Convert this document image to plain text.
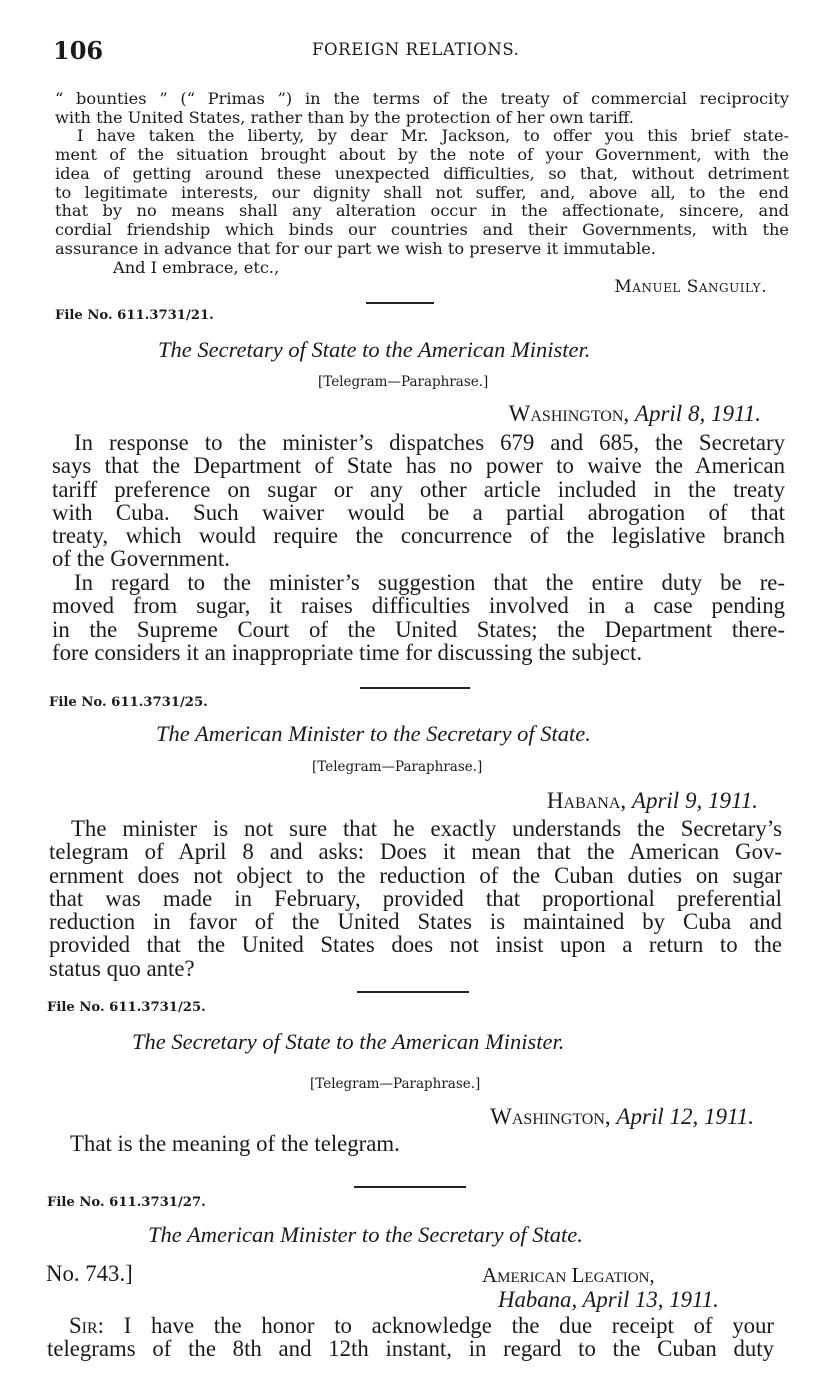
106	FOREIGN RELATIONS.
“ bounties ” (“ Primas ”) in the terms of the treaty of commercial reciprocity
with the United States, rather than by the protection of her own tariff.
I have taken the liberty, by dear Mr. Jackson, to offer you this brief state-
ment of the situation brought about by the note of your Government, with the
idea of getting around these unexpected difficulties, so that, without detriment
to legitimate interests, our dignity shall not suffer, and, above all, to the end
that by no means shall any alteration occur in the affectionate, sincere, and
cordial friendship which binds our countries and their Governments, with the
assurance in advance that for our part we wish to preserve it immutable.
And I embrace, etc.,
Manuel Sanguily.
File No. 611.3731/21.
The Secretary of State to the American Minister.
[Telegram—Paraphrase.]
Washington, April 8, 1911.
In response to the minister’s dispatches 679 and 685, the Secretary
says that the Department of State has no power to waive the American
tariff preference on sugar or any other article included in the treaty
with Cuba. Such waiver would be a partial abrogation of that
treaty, which would require the concurrence of the legislative branch
of the Government.
In regard to the minister’s suggestion that the entire duty be re-
moved from sugar, it raises difficulties involved in a case pending
in the Supreme Court of the United States; the Department there-
fore considers it an inappropriate time for discussing the subject.
File No. 611.3731/25.
The American Minister to the Secretary of State.
[Telegram—Paraphrase.]
Habana, April 9, 1911.
The minister is not sure that he exactly understands the Secretary’s
telegram of April 8 and asks: Does it mean that the American Gov-
ernment does not object to the reduction of the Cuban duties on sugar
that was made in February, provided that proportional preferential
reduction in favor of the United States is maintained by Cuba and
provided that the United States does not insist upon a return to the
status quo ante?
File No. 611.3731/25.
The Secretary of State to the American Minister.
[Telegram—Paraphrase.]
Washington, April 12, 1911.
That is the meaning of the telegram.
File No. 611.3731/27.
The American Minister to the Secretary of State.
No. 743.]	American Legation,
Habana, April 13, 1911.
Sir: I have the honor to acknowledge the due receipt of your
telegrams of the 8th and 12th instant, in regard to the Cuban duty
